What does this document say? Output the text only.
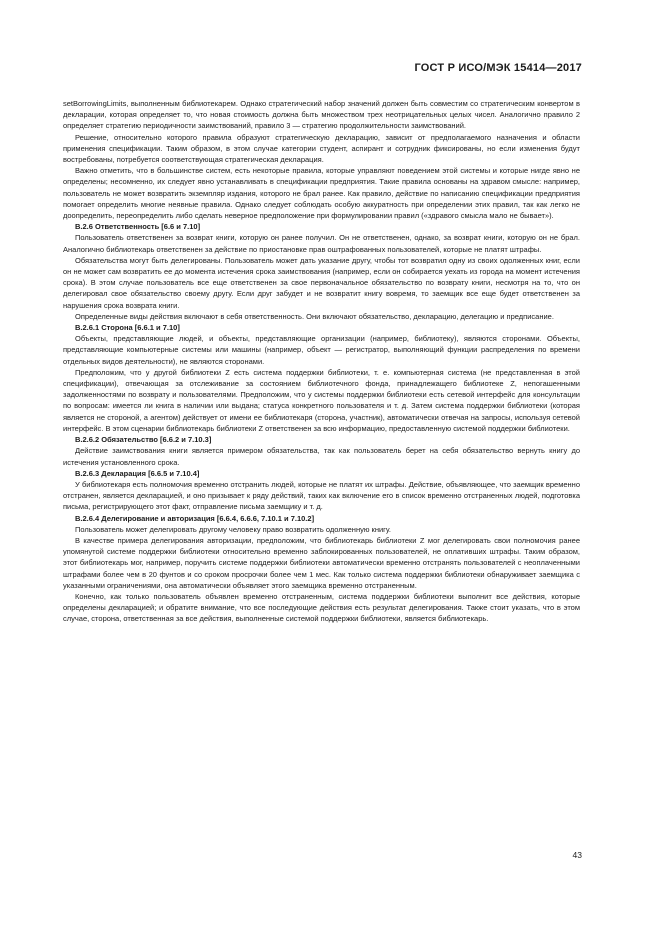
ГОСТ Р ИСО/МЭК 15414—2017

setBorrowingLimits, выполненным библиотекарем. Однако стратегический набор значений должен быть совместим со стратегическим конвертом в декларации, которая определяет то, что новая стоимость должна быть множеством трех неотрицательных целых чисел. Аналогично правило 2 определяет стратегию периодичности заимствований, правило 3 — стратегию продолжительности заимствований.

Решение, относительно которого правила образуют стратегическую декларацию, зависит от предполагаемого назначения и области применения спецификации. Таким образом, в этом случае категории студент, аспирант и сотрудник фиксированы, но если изменения будут востребованы, потребуется соответствующая стратегическая декларация.

Важно отметить, что в большинстве систем, есть некоторые правила, которые управляют поведением этой системы и которые нигде явно не определены; несомненно, их следует явно устанавливать в спецификации предприятия. Такие правила основаны на здравом смысле: например, пользователь не может возвратить экземпляр издания, которого не брал ранее. Как правило, действие по написанию спецификации предприятия помогает определить многие неявные правила. Однако следует соблюдать особую аккуратность при определении этих правил, так как легко не доопределить, переопределить либо сделать неверное предположение при формулировании правил («здравого смысла мало не бывает»).

B.2.6 Ответственность [6.6 и 7.10]

Пользователь ответственен за возврат книги, которую он ранее получил. Он не ответственен, однако, за возврат книги, которую он не брал. Аналогично библиотекарь ответственен за действие по приостановке прав оштрафованных пользователей, которые не платят штрафы.

Обязательства могут быть делегированы. Пользователь может дать указание другу, чтобы тот возвратил одну из своих одолженных книг, если он не может сам возвратить ее до момента истечения срока заимствования (например, если он собирается уехать из города на момент истечения срока). В этом случае пользователь все еще ответственен за свое первоначальное обязательство по возврату книги, несмотря на то, что он делегировал свое обязательство своему другу. Если друг забудет и не возвратит книгу вовремя, то заемщик все еще будет ответственен за нарушения срока возврата книги.

Определенные виды действия включают в себя ответственность. Они включают обязательство, декларацию, делегацию и предписание.

B.2.6.1 Сторона [6.6.1 и 7.10]

Объекты, представляющие людей, и объекты, представляющие организации (например, библиотеку), являются сторонами. Объекты, представляющие компьютерные системы или машины (например, объект — регистратор, выполняющий функции распределения по времени отдельных видов деятельности), не являются сторонами.

Предположим, что у другой библиотеки Z есть система поддержки библиотеки, т. е. компьютерная система (не представленная в этой спецификации), отвечающая за отслеживание за состоянием библиотечного фонда, принадлежащего библиотеке Z, непогашенными задолженностями по возврату и пользователями. Предположим, что у системы поддержки библиотеки есть сетевой интерфейс для консультации по вопросам: имеется ли книга в наличии или выдана; статуса конкретного пользователя и т. д. Затем система поддержки библиотеки (которая является не стороной, а агентом) действует от имени ее библиотекаря (сторона, участник), автоматически отвечая на запросы, используя сетевой интерфейс. В этом сценарии библиотекарь библиотеки Z ответственен за всю информацию, предоставленную системой поддержки библиотеки.

B.2.6.2 Обязательство [6.6.2 и 7.10.3]

Действие заимствования книги является примером обязательства, так как пользователь берет на себя обязательство вернуть книгу до истечения установленного срока.

B.2.6.3 Декларация [6.6.5 и 7.10.4]

У библиотекаря есть полномочия временно отстранить людей, которые не платят их штрафы. Действие, объявляющее, что заемщик временно отстранен, является декларацией, и оно призывает к ряду действий, таких как включение его в список временно отстраненных людей, подготовка письма, регистрирующего этот факт, отправление письма заемщику и т. д.

B.2.6.4 Делегирование и авторизация [6.6.4, 6.6.6, 7.10.1 и 7.10.2]

Пользователь может делегировать другому человеку право возвратить одолженную книгу.

В качестве примера делегирования авторизации, предположим, что библиотекарь библиотеки Z мог делегировать свои полномочия ранее упомянутой системе поддержки библиотеки относительно временно заблокированных пользователей, не оплативших штрафы. Таким образом, этот библиотекарь мог, например, поручить системе поддержки библиотеки автоматически временно отстранять пользователей с неоплаченными штрафами более чем в 20 фунтов и со сроком просрочки более чем 1 мес. Как только система поддержки библиотеки обнаруживает заемщика с указанными ограничениями, она автоматически объявляет этого заемщика временно отстраненным.

Конечно, как только пользователь объявлен временно отстраненным, система поддержки библиотеки выполнит все действия, которые определены декларацией; и обратите внимание, что все последующие действия есть результат делегирования. Также стоит указать, что в этом случае, сторона, ответственная за все действия, выполненные системой поддержки библиотеки, является библиотекарь.

43
